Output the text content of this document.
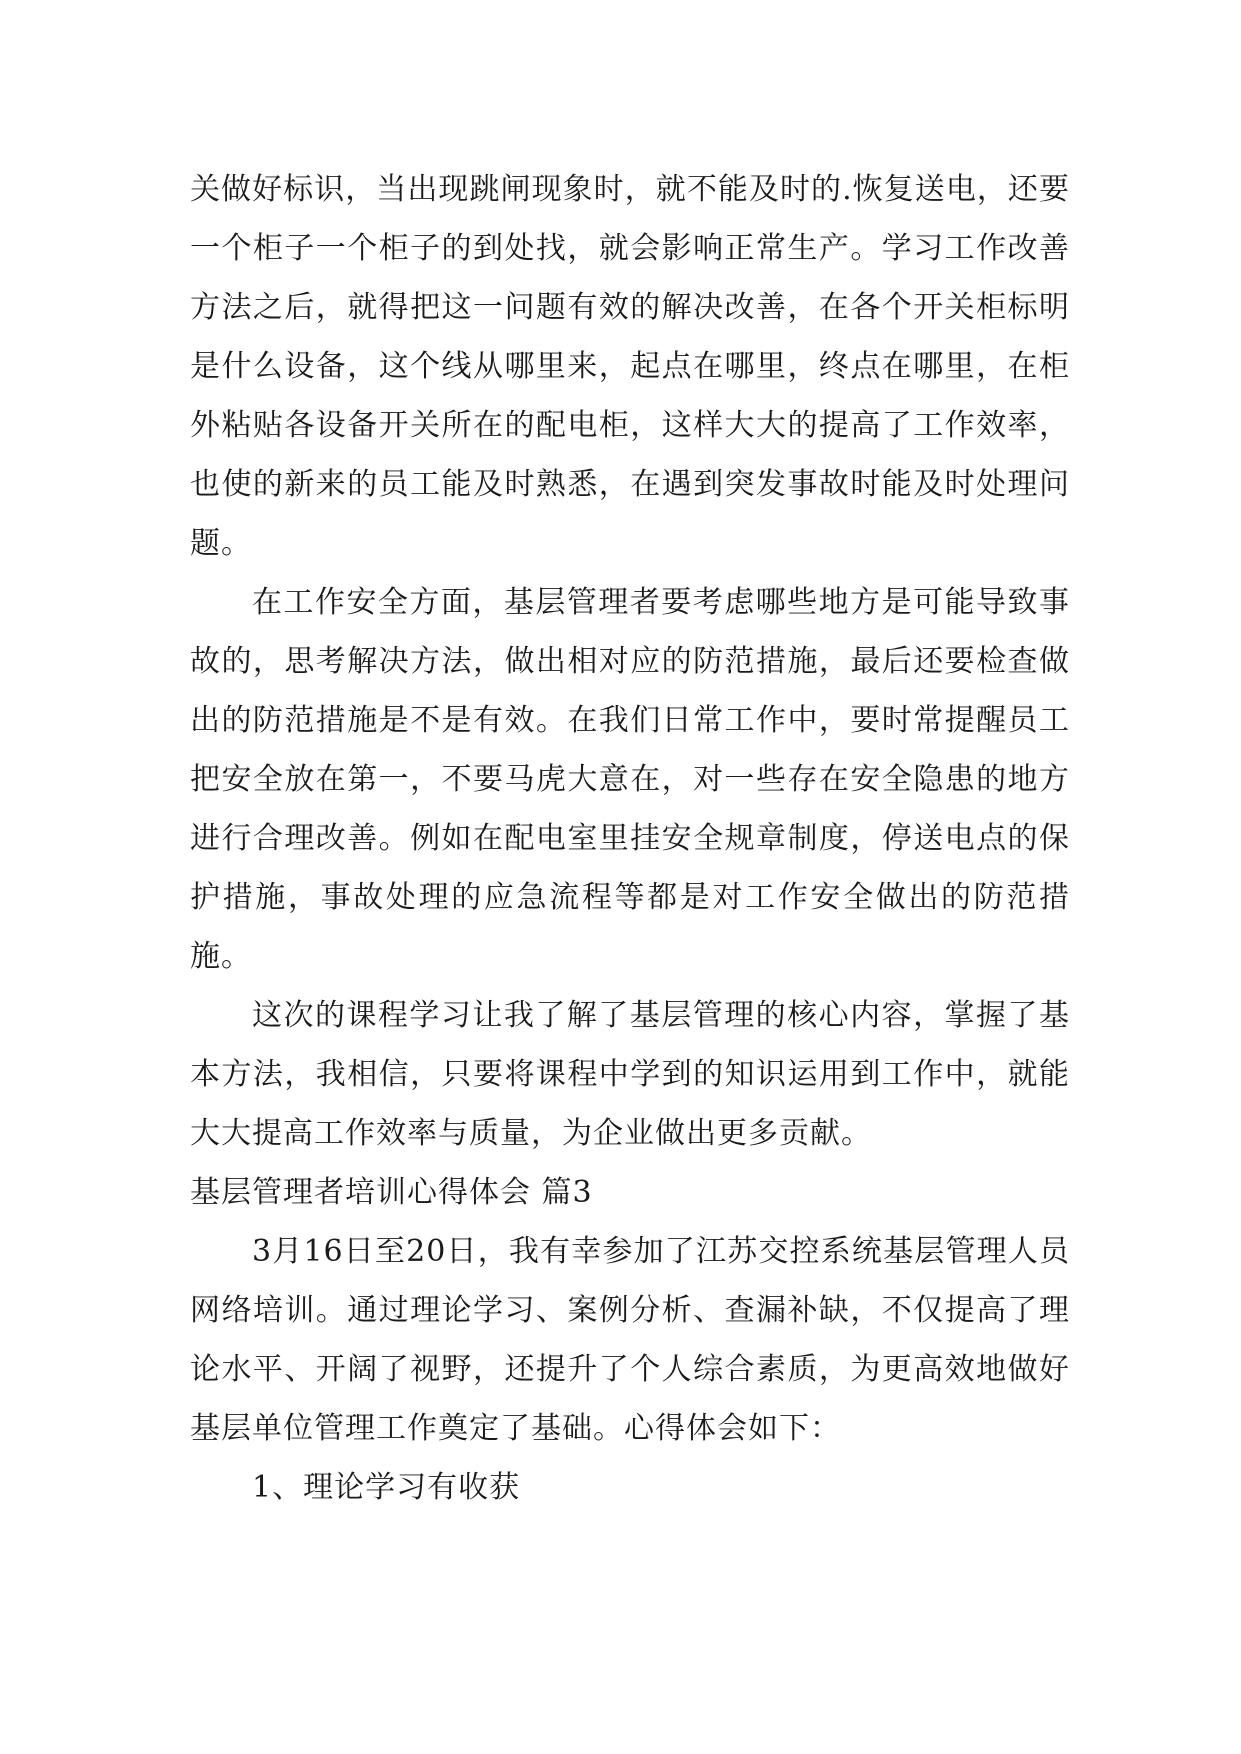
关做好标识，当出现跳闸现象时，就不能及时的.恢复送电，还要一个柜子一个柜子的到处找，就会影响正常生产。学习工作改善方法之后，就得把这一问题有效的解决改善，在各个开关柜标明是什么设备，这个线从哪里来，起点在哪里，终点在哪里，在柜外粘贴各设备开关所在的配电柜，这样大大的提高了工作效率，也使的新来的员工能及时熟悉，在遇到突发事故时能及时处理问题。

在工作安全方面，基层管理者要考虑哪些地方是可能导致事故的，思考解决方法，做出相对应的防范措施，最后还要检查做出的防范措施是不是有效。在我们日常工作中，要时常提醒员工把安全放在第一，不要马虎大意在，对一些存在安全隐患的地方进行合理改善。例如在配电室里挂安全规章制度，停送电点的保护措施，事故处理的应急流程等都是对工作安全做出的防范措施。

这次的课程学习让我了解了基层管理的核心内容，掌握了基本方法，我相信，只要将课程中学到的知识运用到工作中，就能大大提高工作效率与质量，为企业做出更多贡献。

基层管理者培训心得体会 篇3

3月16日至20日，我有幸参加了江苏交控系统基层管理人员网络培训。通过理论学习、案例分析、查漏补缺，不仅提高了理论水平、开阔了视野，还提升了个人综合素质，为更高效地做好基层单位管理工作奠定了基础。心得体会如下：

1、理论学习有收获
